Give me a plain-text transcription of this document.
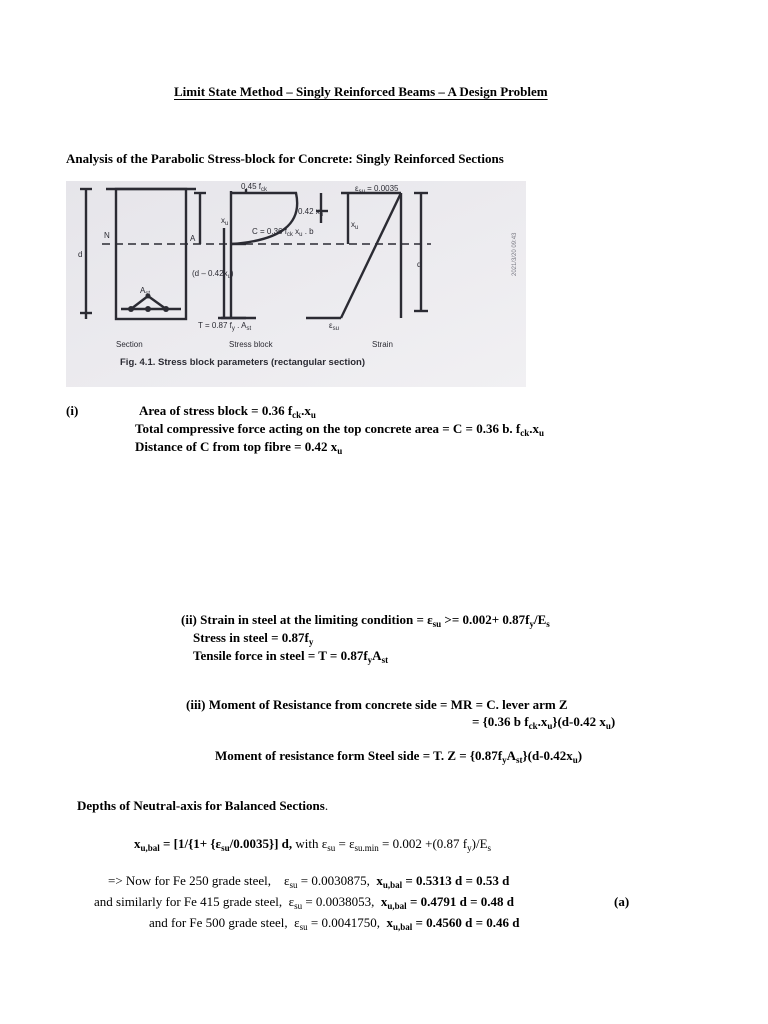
Limit State Method – Singly Reinforced Beams – A Design Problem
Analysis of the Parabolic Stress-block for Concrete: Singly Reinforced Sections
0.45 $f_{ck}$	$\varepsilon_{su} = 0.0035$
0.42 $x_u$
C = 0.36 $f_{ck}$ $x_u$ . b
$x_u$	$x_u$
N	A
d
d
$(d - 0.42x_u)$
$A_{st}$
T = 0.87 $f_y$ . $A_{st}$	$\varepsilon_{su}$
Section	Stress block	Strain
Fig. 4.1. Stress block parameters (rectangular section)
2021/3/20 09:43
(i)	Area of stress block = 0.36 $f_{ck}.x_u$
Total compressive force acting on the top concrete area = C = 0.36 b. $f_{ck}.x_u$
Distance of C from top fibre = 0.42 $x_u$
(ii) Strain in steel at the limiting condition = $\varepsilon_{su} >= 0.002+ 0.87f_y/E_s$
Stress in steel = $0.87f_y$
Tensile force in steel = $T = 0.87f_yA_{st}$
(iii) Moment of Resistance from concrete side = MR = C. lever arm Z
= {0.36 b $f_{ck}.x_u\}(d-0.42$ $x_u$)
Moment of resistance form Steel side = T. $Z = \{0.87f_yA_{st}\}(d-0.42x_u)$
Depths of Neutral-axis for Balanced Sections.
$x_{u,bal} = [1/\{1+ \{\varepsilon_{su}/0.0035\}]$ d, with $\varepsilon_{su} = \varepsilon_{su.min} = 0.002 +(0.87$ $f_y)/E_s$
=> Now for Fe 250 grade steel, $\varepsilon_{su} = 0.0030875$, $x_{u,bal} = 0.5313$ d = 0.53 d
and similarly for Fe 415 grade steel, $\varepsilon_{su} = 0.0038053$, $x_{u,bal} = 0.4791$ d = 0.48 d	(a)
and for Fe 500 grade steel, $\varepsilon_{su} = 0.0041750$, $x_{u,bal} = 0.4560$ d = 0.46 d
